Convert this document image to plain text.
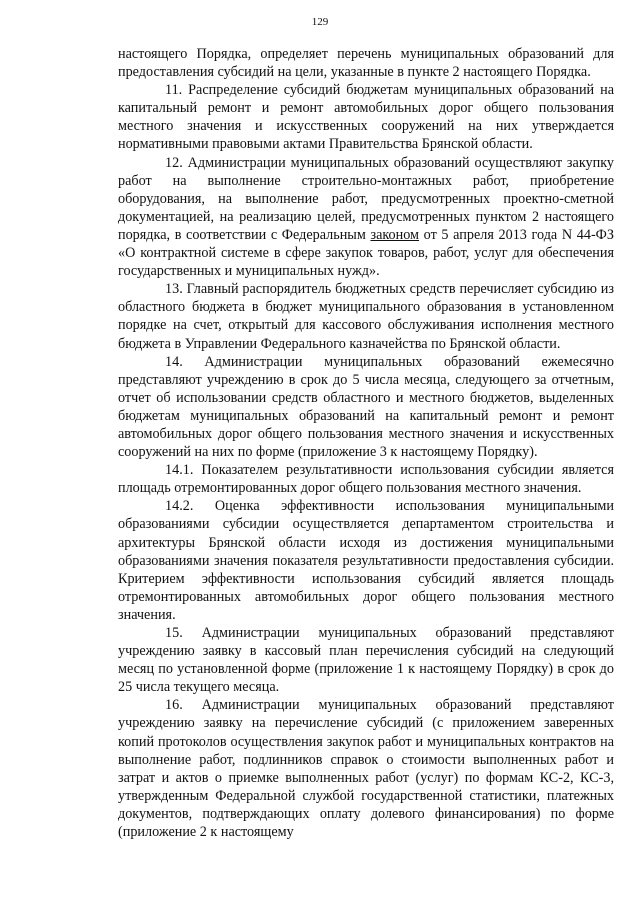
129

настоящего Порядка, определяет перечень муниципальных образований для предоставления субсидий на цели, указанные в пункте 2 настоящего Порядка.

11. Распределение субсидий бюджетам муниципальных образований на капитальный ремонт и ремонт автомобильных дорог общего пользования местного значения и искусственных сооружений на них утверждается нормативными правовыми актами Правительства Брянской области.

12. Администрации муниципальных образований осуществляют закупку работ на выполнение строительно-монтажных работ, приобретение оборудования, на выполнение работ, предусмотренных проектно-сметной документацией, на реализацию целей, предусмотренных пунктом 2 настоящего порядка, в соответствии с Федеральным законом от 5 апреля 2013 года N 44-ФЗ «О контрактной системе в сфере закупок товаров, работ, услуг для обеспечения государственных и муниципальных нужд».

13. Главный распорядитель бюджетных средств перечисляет субсидию из областного бюджета в бюджет муниципального образования в установленном порядке на счет, открытый для кассового обслуживания исполнения местного бюджета в Управлении Федерального казначейства по Брянской области.

14. Администрации муниципальных образований ежемесячно представляют учреждению в срок до 5 числа месяца, следующего за отчетным, отчет об использовании средств областного и местного бюджетов, выделенных бюджетам муниципальных образований на капитальный ремонт и ремонт автомобильных дорог общего пользования местного значения и искусственных сооружений на них по форме (приложение 3 к настоящему Порядку).

14.1. Показателем результативности использования субсидии является площадь отремонтированных дорог общего пользования местного значения.

14.2. Оценка эффективности использования муниципальными образованиями субсидии осуществляется департаментом строительства и архитектуры Брянской области исходя из достижения муниципальными образованиями значения показателя результативности предоставления субсидии. Критерием эффективности использования субсидий является площадь отремонтированных автомобильных дорог общего пользования местного значения.

15. Администрации муниципальных образований представляют учреждению заявку в кассовый план перечисления субсидий на следующий месяц по установленной форме (приложение 1 к настоящему Порядку) в срок до 25 числа текущего месяца.

16. Администрации муниципальных образований представляют учреждению заявку на перечисление субсидий (с приложением заверенных копий протоколов осуществления закупок работ и муниципальных контрактов на выполнение работ, подлинников справок о стоимости выполненных работ и затрат и актов о приемке выполненных работ (услуг) по формам КС-2, КС-3, утвержденным Федеральной службой государственной статистики, платежных документов, подтверждающих оплату долевого финансирования) по форме (приложение 2 к настоящему
